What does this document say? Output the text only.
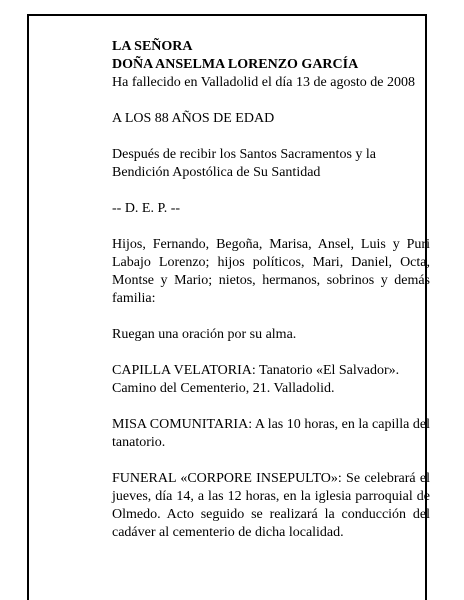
LA SEÑORA

DOÑA ANSELMA LORENZO GARCÍA

Ha fallecido en Valladolid el día 13 de agosto de 2008

A LOS 88 AÑOS DE EDAD

Después de recibir los Santos Sacramentos y la Bendición Apostólica de Su Santidad

-- D. E. P. --

Hijos, Fernando, Begoña, Marisa, Ansel, Luis y Puri Labajo Lorenzo; hijos políticos, Mari, Daniel, Octa, Montse y Mario; nietos, hermanos, sobrinos y demás familia:

Ruegan una oración por su alma.

CAPILLA VELATORIA: Tanatorio «El Salvador».

Camino del Cementerio, 21. Valladolid.

MISA COMUNITARIA: A las 10 horas, en la capilla del tanatorio.

FUNERAL «CORPORE INSEPULTO»: Se celebrará el jueves, día 14, a las 12 horas, en la iglesia parroquial de Olmedo. Acto seguido se realizará la conducción del cadáver al cementerio de dicha localidad.
